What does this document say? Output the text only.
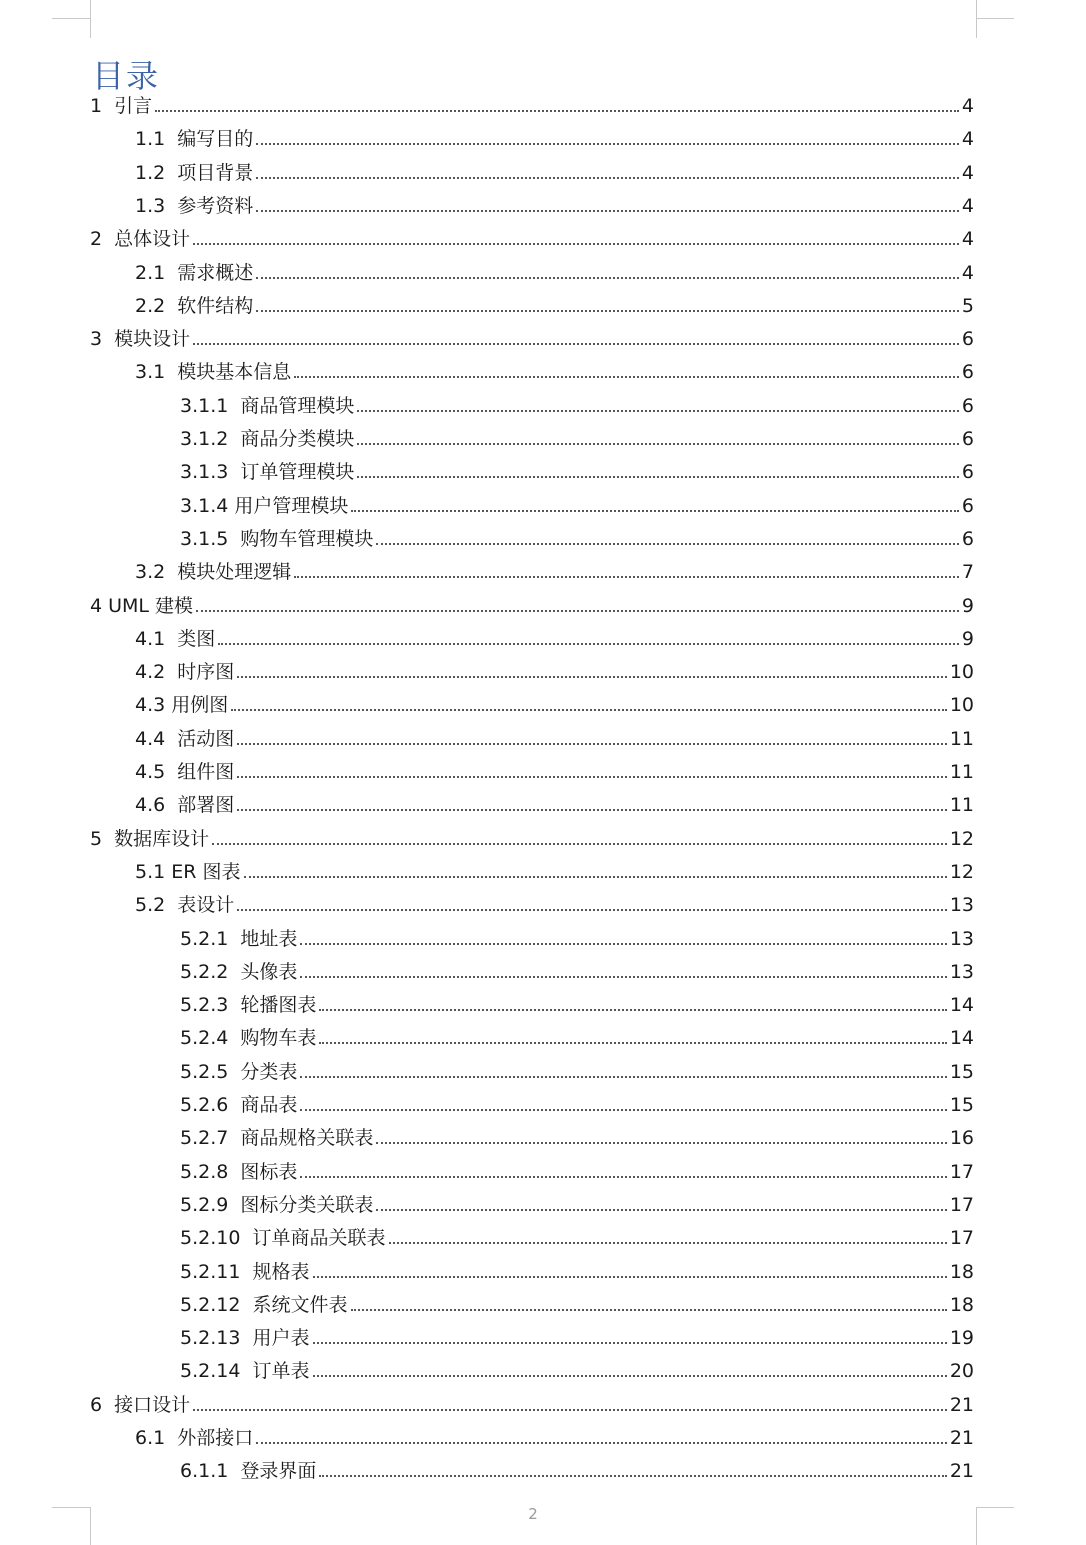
目录
1  引言	4
1.1  编写目的	4
1.2  项目背景	4
1.3  参考资料	4
2  总体设计	4
2.1  需求概述	4
2.2  软件结构	5
3  模块设计	6
3.1  模块基本信息	6
3.1.1  商品管理模块	6
3.1.2  商品分类模块	6
3.1.3  订单管理模块	6
3.1.4 用户管理模块	6
3.1.5  购物车管理模块	6
3.2  模块处理逻辑	7
4 UML 建模	9
4.1  类图	9
4.2  时序图	10
4.3 用例图	10
4.4  活动图	11
4.5  组件图	11
4.6  部署图	11
5  数据库设计	12
5.1 ER 图表	12
5.2  表设计	13
5.2.1  地址表	13
5.2.2  头像表	13
5.2.3  轮播图表	14
5.2.4  购物车表	14
5.2.5  分类表	15
5.2.6  商品表	15
5.2.7  商品规格关联表	16
5.2.8  图标表	17
5.2.9  图标分类关联表	17
5.2.10  订单商品关联表	17
5.2.11  规格表	18
5.2.12  系统文件表	18
5.2.13  用户表	19
5.2.14  订单表	20
6  接口设计	21
6.1  外部接口	21
6.1.1  登录界面	21
2
